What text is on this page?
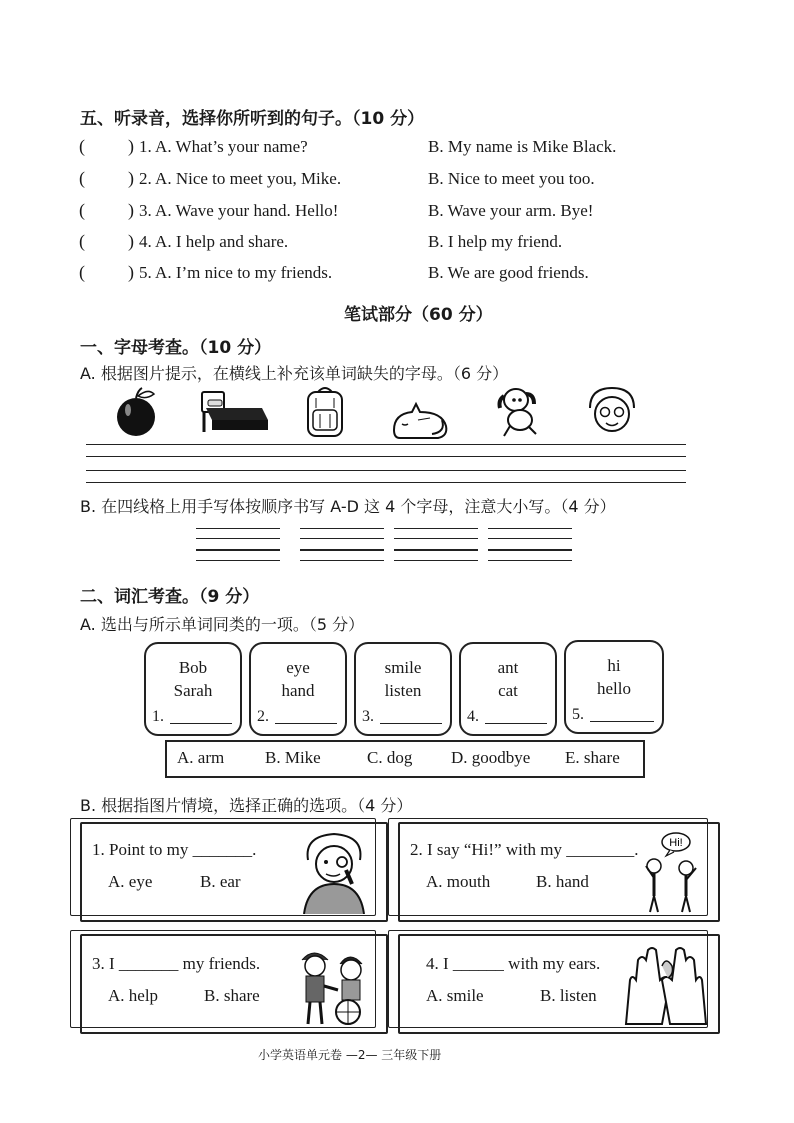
五、听录音，选择你所听到的句子。（10 分）
( ) 1. A. What’s your name?	B. My name is Mike Black.
( ) 2. A. Nice to meet you, Mike.	B. Nice to meet you too.
( ) 3. A. Wave your hand. Hello!	B. Wave your arm. Bye!
( ) 4. A. I help and share.	B. I help my friend.
( ) 5. A. I’m nice to my friends.	B. We are good friends.
笔试部分（60 分）
一、字母考查。（10 分）
A. 根据图片提示，在横线上补充该单词缺失的字母。（6 分）
B. 在四线格上用手写体按顺序书写 A-D 这 4 个字母，注意大小写。（4 分）
二、词汇考查。（9 分）
A. 选出与所示单词同类的一项。（5 分）
Bob
Sarah
1.
eye
hand
2.
smile
listen
3.
ant
cat
4.
hi
hello
5.
A. arm B. Mike	C. dog D. goodbye E. share
B. 根据指图片情境，选择正确的选项。（4 分）
1. Point to my _______.
A. eye	B. ear
2. I say “Hi!” with my ________.
A. mouth	B. hand
Hi!
3. I _______ my friends.
A. help	B. share
4. I ______ with my ears.
A. smile	B. listen
小学英语单元卷 —2— 三年级下册
